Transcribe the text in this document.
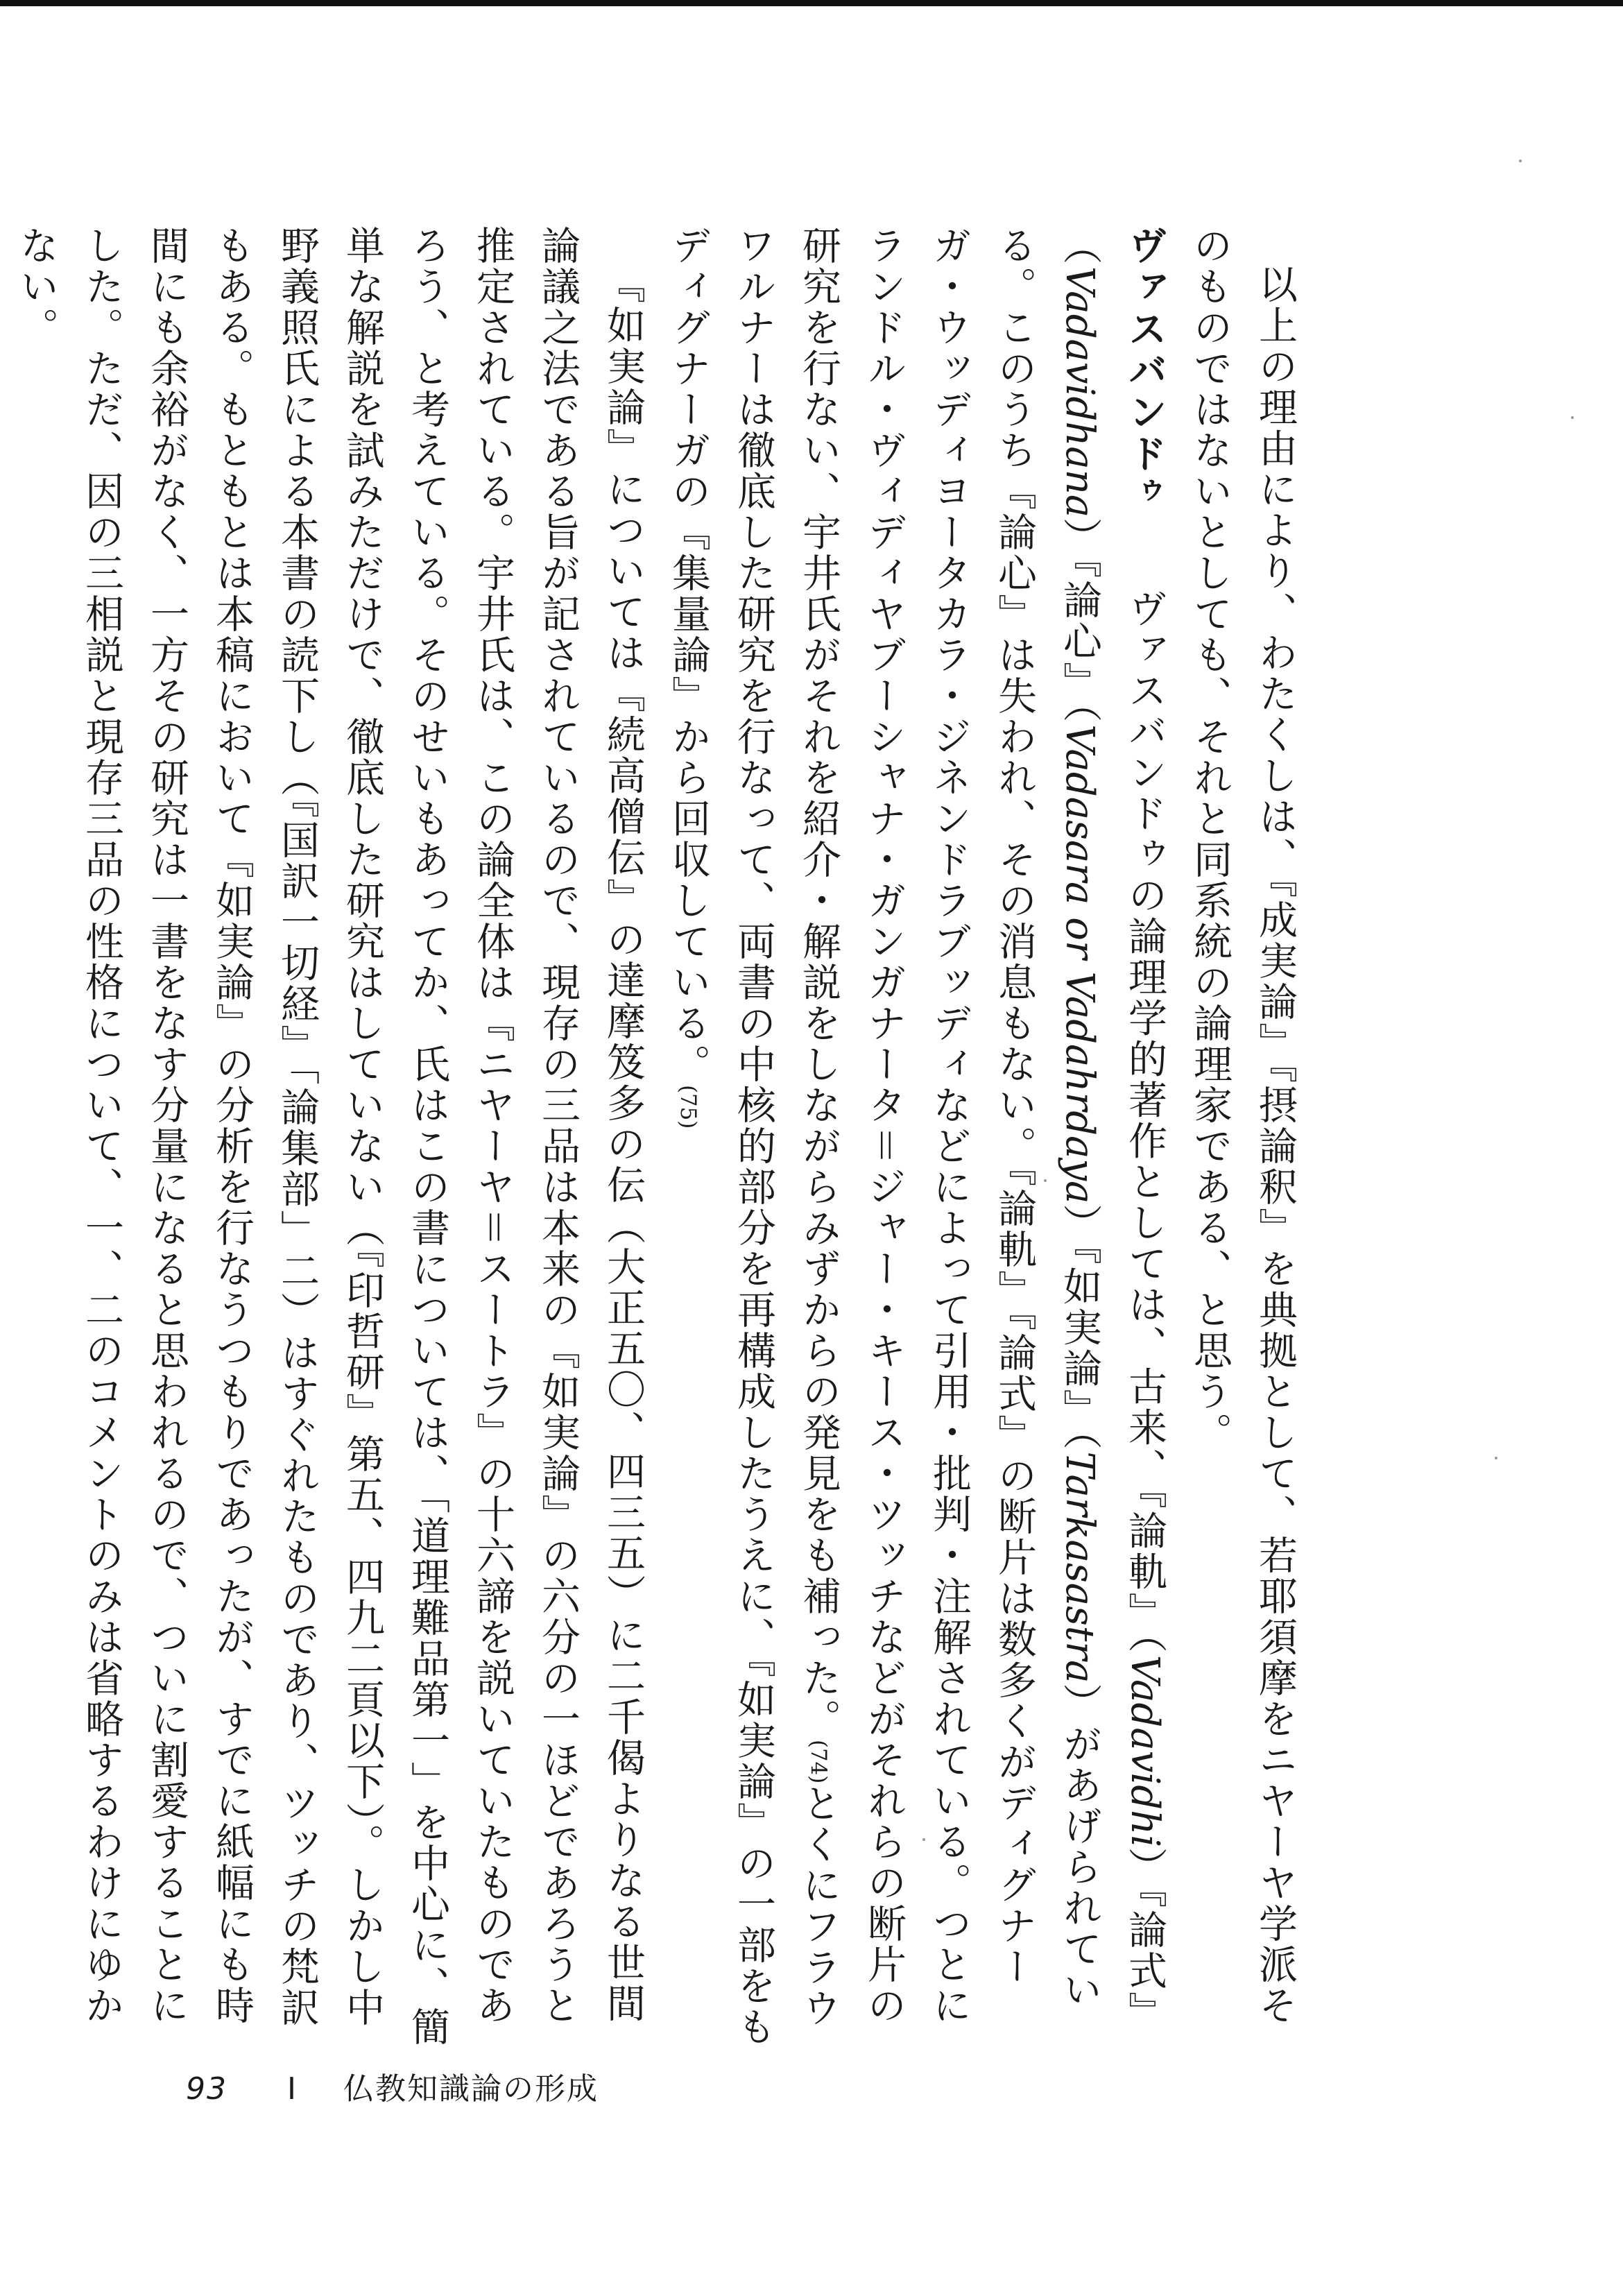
以上の理由により、わたくしは、『成実論』『摂論釈』を典拠として、若耶須摩をニヤーヤ学派そのものではないとしても、それと同系統の論理家である、と思う。

ヴァスバンドゥ　ヴァスバンドゥの論理学的著作としては、古来、『論軌』（Vadavidhi）『論式』（Vadavidhana）『論心』（Vadasara or Vadahrdaya）『如実論』（Tarkasastra）があげられている。このうち『論心』は失われ、その消息もない。『論軌』『論式』の断片は数多くがディグナーガ・ウッディヨータカラ・ジネンドラブッディなどによって引用・批判・注解されている。つとにランドル・ヴィディヤブーシャナ・ガンガナータ＝ジャー・キース・ツッチなどがそれらの断片の研究を行ない、宇井氏がそれを紹介・解説をしながらみずからの発見をも補った。(74)とくにフラウワルナーは徹底した研究を行なって、両書の中核的部分を再構成したうえに、『如実論』の一部をもディグナーガの『集量論』から回収している。(75)

『如実論』については『続高僧伝』の達摩笈多の伝（大正五〇、四三五）に二千偈よりなる世間論議之法である旨が記されているので、現存の三品は本来の『如実論』の六分の一ほどであろうと推定されている。宇井氏は、この論全体は『ニヤーヤ＝スートラ』の十六諦を説いていたものであろう、と考えている。そのせいもあってか、氏はこの書については、「道理難品第一」を中心に、簡単な解説を試みただけで、徹底した研究はしていない（『印哲研』第五、四九二頁以下）。しかし中野義照氏による本書の読下し（『国訳一切経』「論集部」二）はすぐれたものであり、ツッチの梵訳もある。もともとは本稿において『如実論』の分析を行なうつもりであったが、すでに紙幅にも時間にも余裕がなく、一方その研究は一書をなす分量になると思われるので、ついに割愛することにした。ただ、因の三相説と現存三品の性格について、一、二のコメントのみは省略するわけにゆかない。

93 I 仏教知識論の形成
